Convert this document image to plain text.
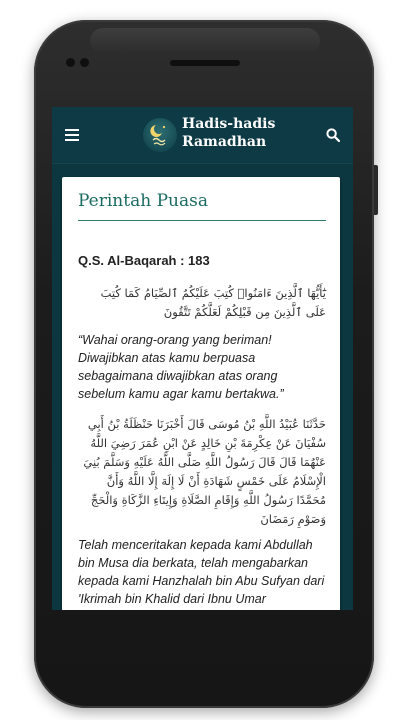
Hadis-hadis
Ramadhan
Perintah Puasa
Q.S. Al-Baqarah : 183
يَٰٓأَيُّهَا ٱلَّذِينَ ءَامَنُوا۟ كُتِبَ عَلَيْكُمُ ٱلصِّيَامُ كَمَا كُتِبَ عَلَى ٱلَّذِينَ مِن قَبْلِكُمْ لَعَلَّكُمْ تَتَّقُونَ
“Wahai orang-orang yang beriman! Diwajibkan atas kamu berpuasa sebagaimana diwajibkan atas orang sebelum kamu agar kamu bertakwa.”
حَدَّثَنَا عُبَيْدُ اللَّهِ بْنُ مُوسَى قَالَ أَخْبَرَنَا حَنْظَلَةُ بْنُ أَبِي سُفْيَانَ عَنْ عِكْرِمَةَ بْنِ خَالِدٍ عَنْ ابْنِ عُمَرَ رَضِيَ اللَّهُ عَنْهُمَا قَالَ قَالَ رَسُولُ اللَّهِ صَلَّى اللَّهُ عَلَيْهِ وَسَلَّمَ بُنِيَ الْإِسْلَامُ عَلَى خَمْسٍ شَهَادَةِ أَنْ لَا إِلَهَ إِلَّا اللَّهُ وَأَنَّ مُحَمَّدًا رَسُولُ اللَّهِ وَإِقَامِ الصَّلَاةِ وَإِيتَاءِ الزَّكَاةِ وَالْحَجِّ وَصَوْمِ رَمَضَانَ
Telah menceritakan kepada kami Abdullah bin Musa dia berkata, telah mengabarkan kepada kami Hanzhalah bin Abu Sufyan dari 'Ikrimah bin Khalid dari Ibnu Umar
